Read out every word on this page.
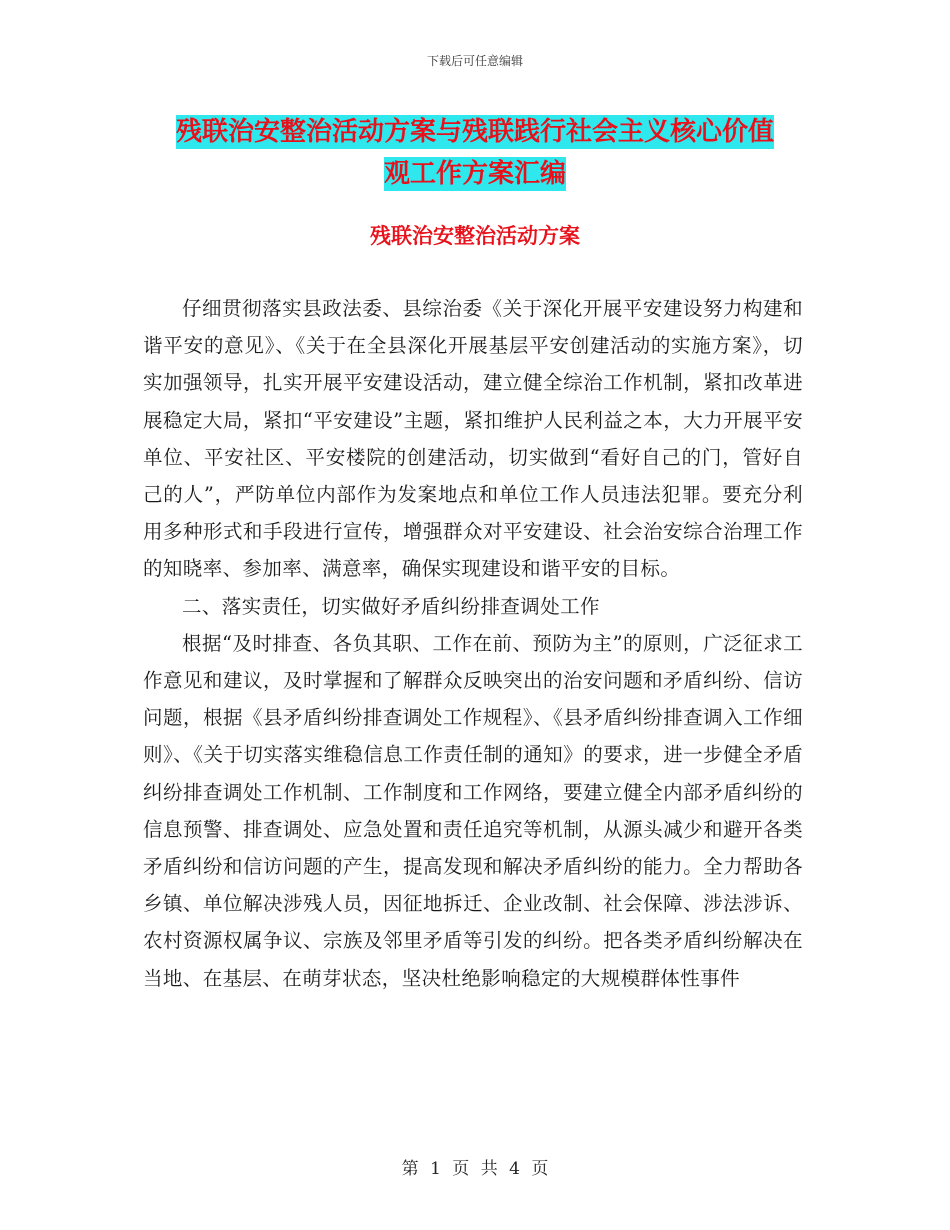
下载后可任意编辑
残联治安整治活动方案与残联践行社会主义核心价值
观工作方案汇编
残联治安整治活动方案

仔细贯彻落实县政法委、县综治委《关于深化开展平安建设努力构建和谐平安的意见》、《关于在全县深化开展基层平安创建活动的实施方案》，切实加强领导，扎实开展平安建设活动，建立健全综治工作机制，紧扣改革进展稳定大局，紧扣“平安建设”主题，紧扣维护人民利益之本，大力开展平安单位、平安社区、平安楼院的创建活动，切实做到“看好自己的门，管好自己的人”，严防单位内部作为发案地点和单位工作人员违法犯罪。要充分利用多种形式和手段进行宣传，增强群众对平安建设、社会治安综合治理工作的知晓率、参加率、满意率，确保实现建设和谐平安的目标。

二、落实责任，切实做好矛盾纠纷排查调处工作

根据“及时排查、各负其职、工作在前、预防为主”的原则，广泛征求工作意见和建议，及时掌握和了解群众反映突出的治安问题和矛盾纠纷、信访问题，根据《县矛盾纠纷排查调处工作规程》、《县矛盾纠纷排查调入工作细则》、《关于切实落实维稳信息工作责任制的通知》的要求，进一步健全矛盾纠纷排查调处工作机制、工作制度和工作网络，要建立健全内部矛盾纠纷的信息预警、排查调处、应急处置和责任追究等机制，从源头减少和避开各类矛盾纠纷和信访问题的产生，提高发现和解决矛盾纠纷的能力。全力帮助各乡镇、单位解决涉残人员，因征地拆迁、企业改制、社会保障、涉法涉诉、农村资源权属争议、宗族及邻里矛盾等引发的纠纷。把各类矛盾纠纷解决在当地、在基层、在萌芽状态，坚决杜绝影响稳定的大规模群体性事件

第 1 页 共 4 页
